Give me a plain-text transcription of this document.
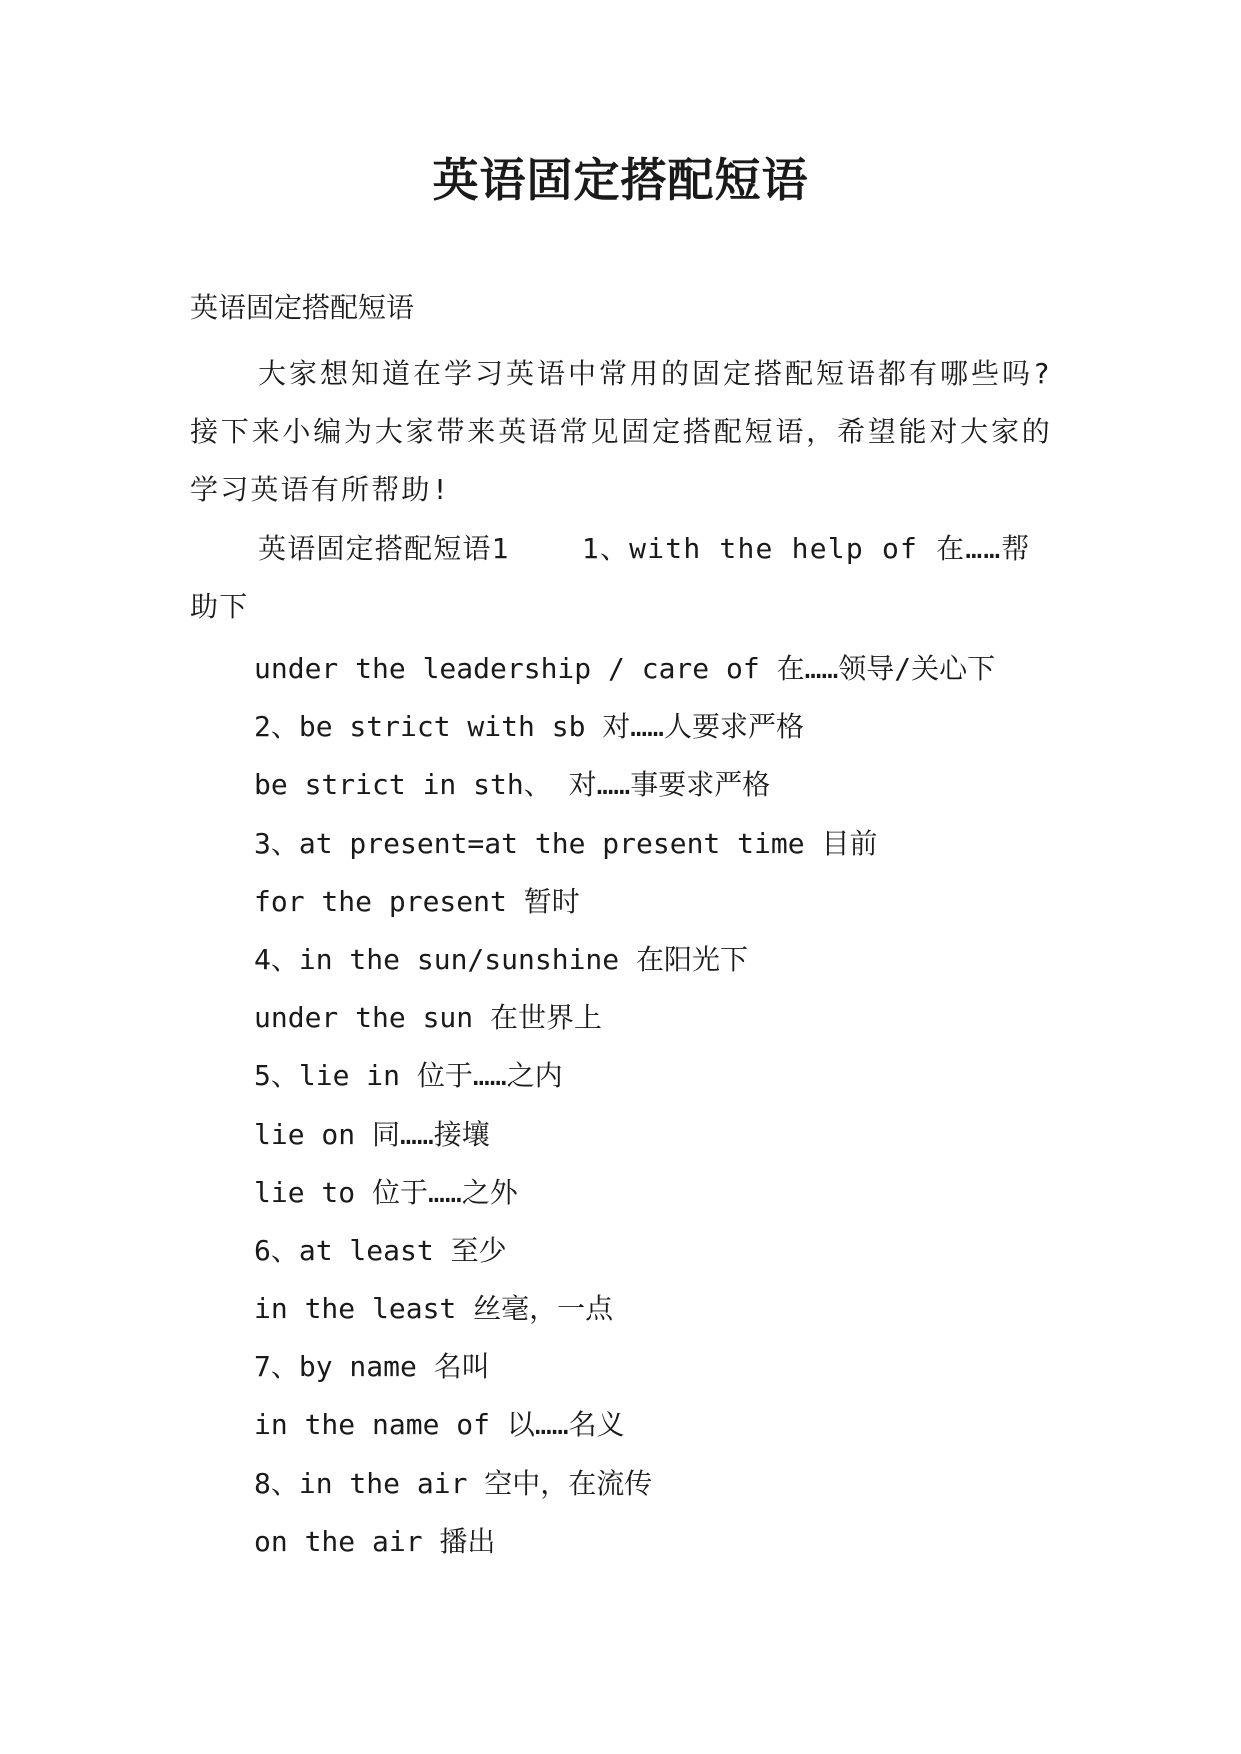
英语固定搭配短语

英语固定搭配短语

大家想知道在学习英语中常用的固定搭配短语都有哪些吗?接下来小编为大家带来英语常见固定搭配短语，希望能对大家的学习英语有所帮助!

英语固定搭配短语1    1、with the help of 在……帮助下

under the leadership / care of 在……领导/关心下
2、be strict with sb 对……人要求严格
be strict in sth、 对……事要求严格
3、at present=at the present time 目前
for the present 暂时
4、in the sun/sunshine 在阳光下
under the sun 在世界上
5、lie in 位于……之内
lie on 同……接壤
lie to 位于……之外
6、at least 至少
in the least 丝毫，一点
7、by name 名叫
in the name of 以……名义
8、in the air 空中，在流传
on the air 播出
